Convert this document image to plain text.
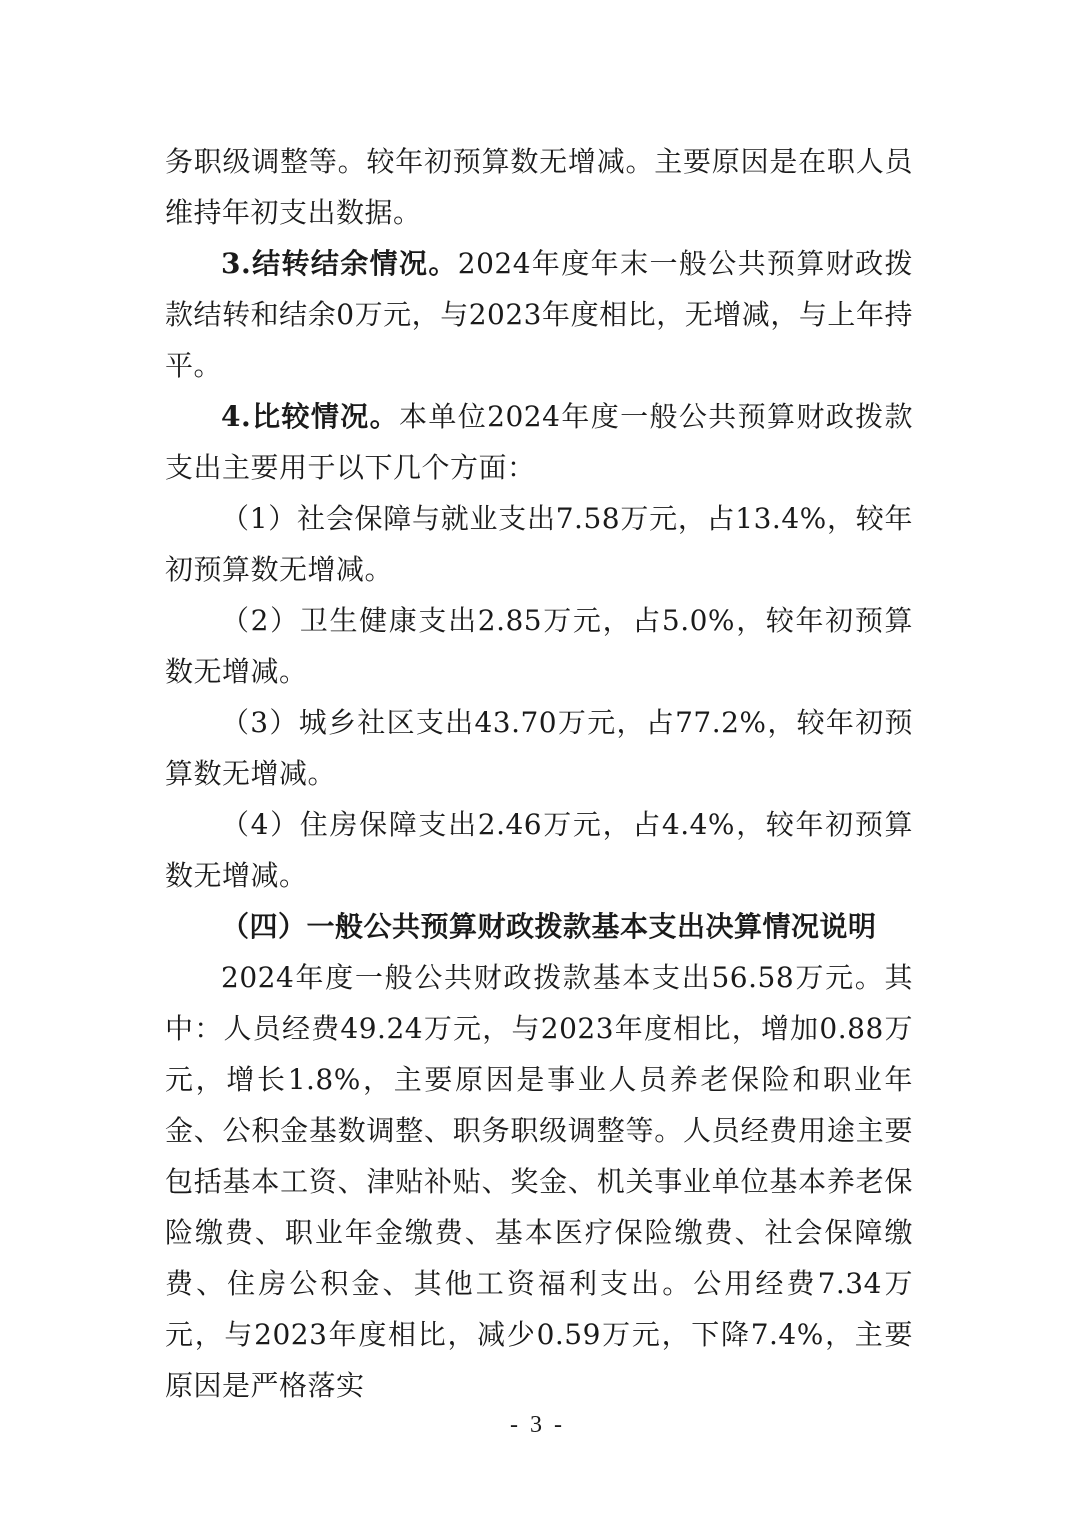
务职级调整等。较年初预算数无增减。主要原因是在职人员维持年初支出数据。

3.结转结余情况。2024年度年末一般公共预算财政拨款结转和结余0万元，与2023年度相比，无增减，与上年持平。

4.比较情况。本单位2024年度一般公共预算财政拨款支出主要用于以下几个方面：

（1）社会保障与就业支出7.58万元，占13.4%，较年初预算数无增减。

（2）卫生健康支出2.85万元，占5.0%，较年初预算数无增减。

（3）城乡社区支出43.70万元，占77.2%，较年初预算数无增减。

（4）住房保障支出2.46万元，占4.4%，较年初预算数无增减。

（四）一般公共预算财政拨款基本支出决算情况说明

2024年度一般公共财政拨款基本支出56.58万元。其中：人员经费49.24万元，与2023年度相比，增加0.88万元，增长1.8%，主要原因是事业人员养老保险和职业年金、公积金基数调整、职务职级调整等。人员经费用途主要包括基本工资、津贴补贴、奖金、机关事业单位基本养老保险缴费、职业年金缴费、基本医疗保险缴费、社会保障缴费、住房公积金、其他工资福利支出。公用经费7.34万元，与2023年度相比，减少0.59万元，下降7.4%，主要原因是严格落实

- 3 -
